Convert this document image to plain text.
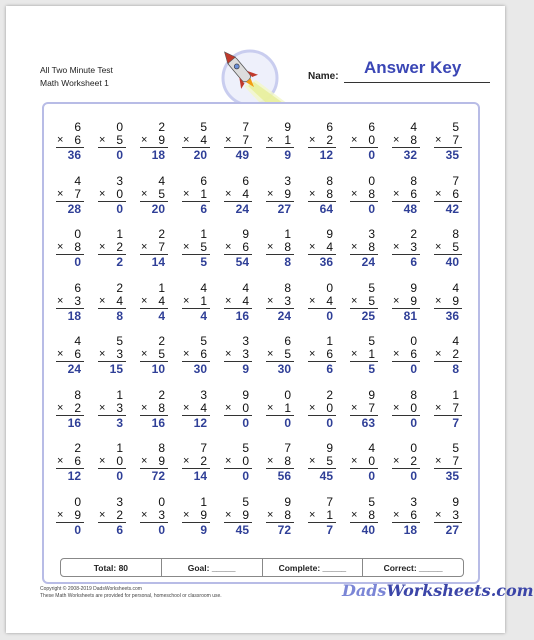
All Two Minute Test
Math Worksheet 1
Name: Answer Key
6
× 6
36
0
× 5
0
2
× 9
18
5
× 4
20
7
× 7
49
9
× 1
9
6
× 2
12
6
× 0
0
4
× 8
32
5
× 7
35
4
× 7
28
3
× 0
0
4
× 5
20
6
× 1
6
6
× 4
24
3
× 9
27
8
× 8
64
0
× 8
0
8
× 6
48
7
× 6
42
0
× 8
0
1
× 2
2
2
× 7
14
1
× 5
5
9
× 6
54
1
× 8
8
9
× 4
36
3
× 8
24
2
× 3
6
8
× 5
40
6
× 3
18
2
× 4
8
1
× 4
4
4
× 1
4
4
× 4
16
8
× 3
24
0
× 4
0
5
× 5
25
9
× 9
81
4
× 9
36
4
× 6
24
5
× 3
15
2
× 5
10
5
× 6
30
3
× 3
9
6
× 5
30
1
× 6
6
5
× 1
5
0
× 6
0
4
× 2
8
8
× 2
16
1
× 3
3
2
× 8
16
3
× 4
12
9
× 0
0
0
× 1
0
2
× 0
0
9
× 7
63
8
× 0
0
1
× 7
7
2
× 6
12
1
× 0
0
8
× 9
72
7
× 2
14
5
× 0
0
7
× 8
56
9
× 5
45
4
× 0
0
0
× 2
0
5
× 7
35
0
× 9
0
3
× 2
6
0
× 3
0
1
× 9
9
5
× 9
45
9
× 8
72
7
× 1
7
5
× 8
40
3
× 6
18
9
× 3
27
Total: 80	Goal: _____	Complete: _____	Correct: _____
Copyright © 2008-2019 DadsWorksheets.com
These Math Worksheets are provided for personal, homeschool or classroom use.	DadsWorksheets.com
